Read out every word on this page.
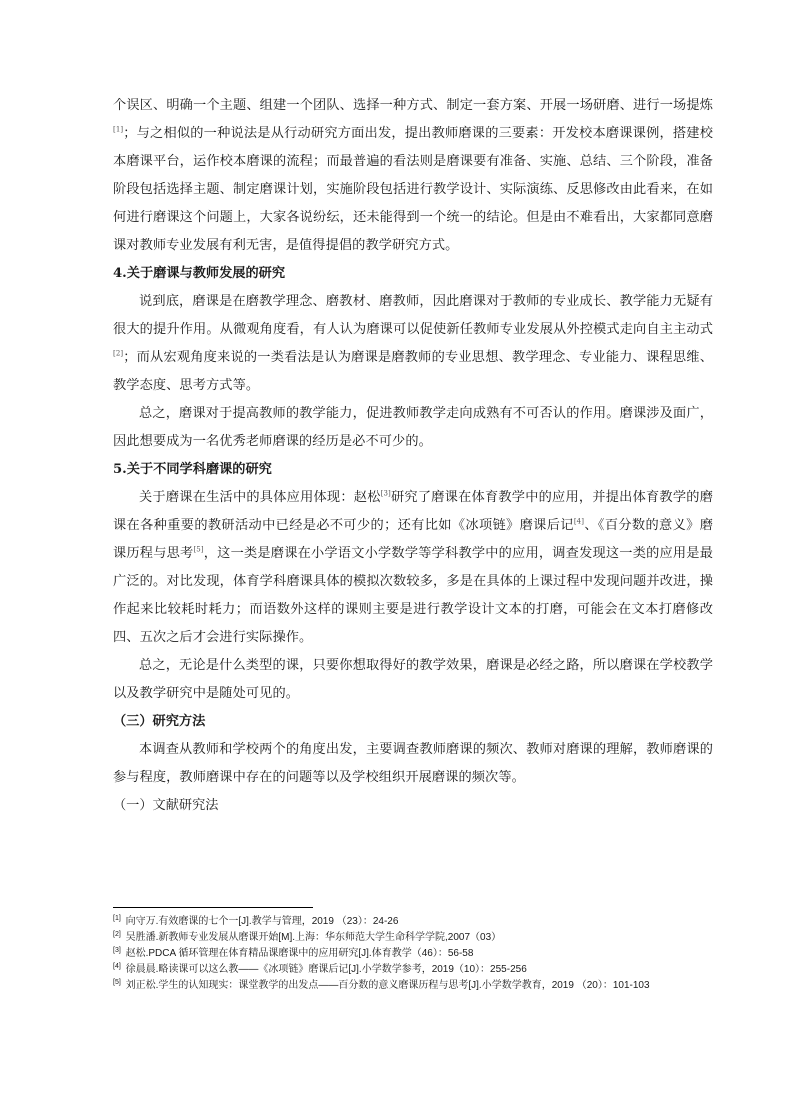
个误区、明确一个主题、组建一个团队、选择一种方式、制定一套方案、开展一场研磨、进行一场提炼[1]；与之相似的一种说法是从行动研究方面出发，提出教师磨课的三要素：开发校本磨课课例，搭建校本磨课平台，运作校本磨课的流程；而最普遍的看法则是磨课要有准备、实施、总结、三个阶段，准备阶段包括选择主题、制定磨课计划，实施阶段包括进行教学设计、实际演练、反思修改由此看来，在如何进行磨课这个问题上，大家各说纷纭，还未能得到一个统一的结论。但是由不难看出，大家都同意磨课对教师专业发展有利无害，是值得提倡的教学研究方式。

4.关于磨课与教师发展的研究

说到底，磨课是在磨教学理念、磨教材、磨教师，因此磨课对于教师的专业成长、教学能力无疑有很大的提升作用。从微观角度看，有人认为磨课可以促使新任教师专业发展从外控模式走向自主主动式[2]；而从宏观角度来说的一类看法是认为磨课是磨教师的专业思想、教学理念、专业能力、课程思维、教学态度、思考方式等。

总之，磨课对于提高教师的教学能力，促进教师教学走向成熟有不可否认的作用。磨课涉及面广，因此想要成为一名优秀老师磨课的经历是必不可少的。

5.关于不同学科磨课的研究

关于磨课在生活中的具体应用体现：赵松[3]研究了磨课在体育教学中的应用，并提出体育教学的磨课在各种重要的教研活动中已经是必不可少的；还有比如《冰项链》磨课后记[4]、《百分数的意义》磨课历程与思考[5]，这一类是磨课在小学语文小学数学等学科教学中的应用，调查发现这一类的应用是最广泛的。对比发现，体育学科磨课具体的模拟次数较多，多是在具体的上课过程中发现问题并改进，操作起来比较耗时耗力；而语数外这样的课则主要是进行教学设计文本的打磨，可能会在文本打磨修改四、五次之后才会进行实际操作。

总之，无论是什么类型的课，只要你想取得好的教学效果，磨课是必经之路，所以磨课在学校教学以及教学研究中是随处可见的。

（三）研究方法

本调查从教师和学校两个的角度出发，主要调查教师磨课的频次、教师对磨课的理解，教师磨课的参与程度，教师磨课中存在的问题等以及学校组织开展磨课的频次等。

（一）文献研究法

[1] 向守万.有效磨课的七个一[J].教学与管理，2019 （23）：24-26

[2] 吴胜潘.新教师专业发展从磨课开始[M].上海：华东师范大学生命科学学院,2007（03）

[3] 赵松.PDCA 循环管理在体育精品课磨课中的应用研究[J].体育教学（46）：56-58

[4] 徐晨晨.略读课可以这么教——《冰项链》磨课后记[J].小学数学参考，2019（10）：255-256

[5] 刘正松.学生的认知现实：课堂教学的出发点——百分数的意义磨课历程与思考[J].小学数学教育，2019 （20）：101-103
